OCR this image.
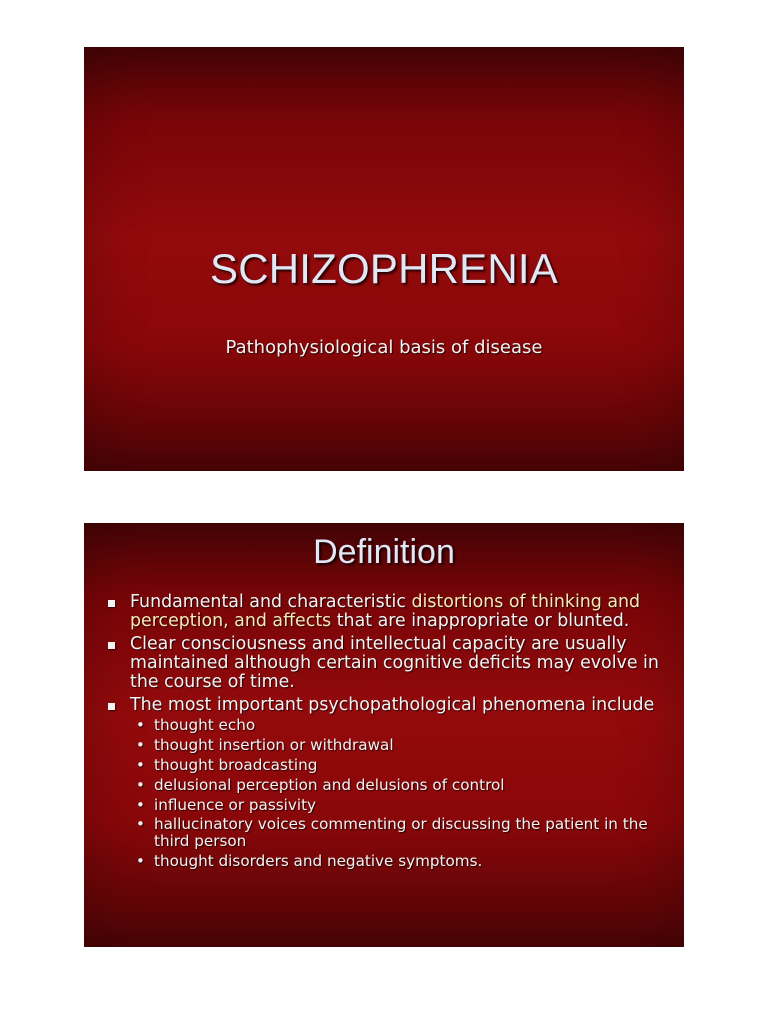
SCHIZOPHRENIA
Pathophysiological basis of disease
Definition
Fundamental and characteristic distortions of thinking and perception, and affects that are inappropriate or blunted.
Clear consciousness and intellectual capacity are usually maintained although certain cognitive deficits may evolve in the course of time.
The most important psychopathological phenomena include
• thought echo
• thought insertion or withdrawal
• thought broadcasting
• delusional perception and delusions of control
• influence or passivity
• hallucinatory voices commenting or discussing the patient in the third person
• thought disorders and negative symptoms.
